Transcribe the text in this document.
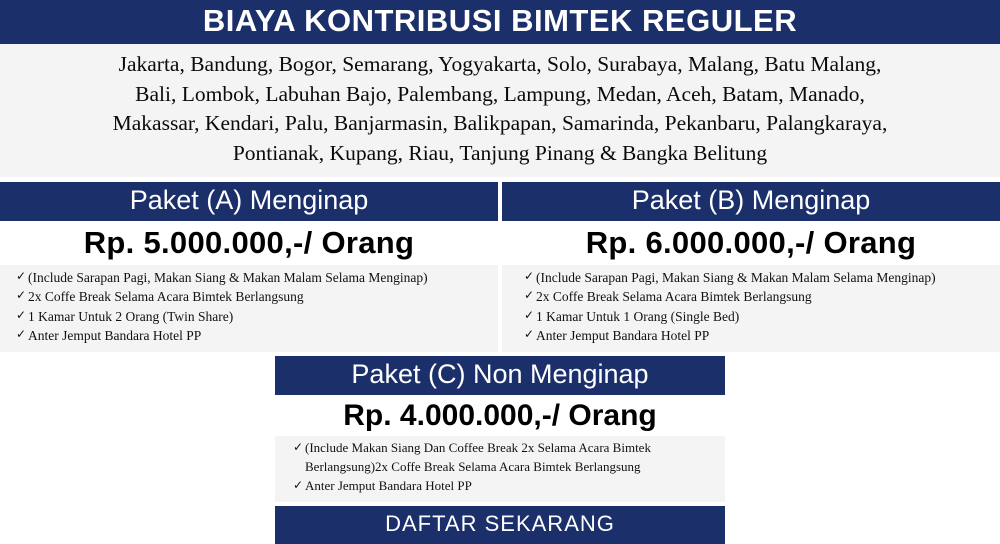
BIAYA KONTRIBUSI BIMTEK REGULER
Jakarta, Bandung, Bogor, Semarang, Yogyakarta, Solo, Surabaya, Malang, Batu Malang,
Bali, Lombok, Labuhan Bajo, Palembang, Lampung, Medan, Aceh, Batam, Manado,
Makassar, Kendari, Palu, Banjarmasin, Balikpapan, Samarinda, Pekanbaru, Palangkaraya,
Pontianak, Kupang, Riau, Tanjung Pinang & Bangka Belitung
Paket (A) Menginap
Rp. 5.000.000,-/ Orang
✓ (Include Sarapan Pagi, Makan Siang & Makan Malam Selama Menginap)
✓ 2x Coffe Break Selama Acara Bimtek Berlangsung
✓ 1 Kamar Untuk 2 Orang (Twin Share)
✓ Anter Jemput Bandara Hotel PP
Paket (B) Menginap
Rp. 6.000.000,-/ Orang
✓ (Include Sarapan Pagi, Makan Siang & Makan Malam Selama Menginap)
✓ 2x Coffe Break Selama Acara Bimtek Berlangsung
✓ 1 Kamar Untuk 1 Orang (Single Bed)
✓ Anter Jemput Bandara Hotel PP
Paket (C) Non Menginap
Rp. 4.000.000,-/ Orang
✓ (Include Makan Siang Dan Coffee Break 2x Selama Acara Bimtek Berlangsung)2x Coffe Break Selama Acara Bimtek Berlangsung
✓ Anter Jemput Bandara Hotel PP
DAFTAR SEKARANG
